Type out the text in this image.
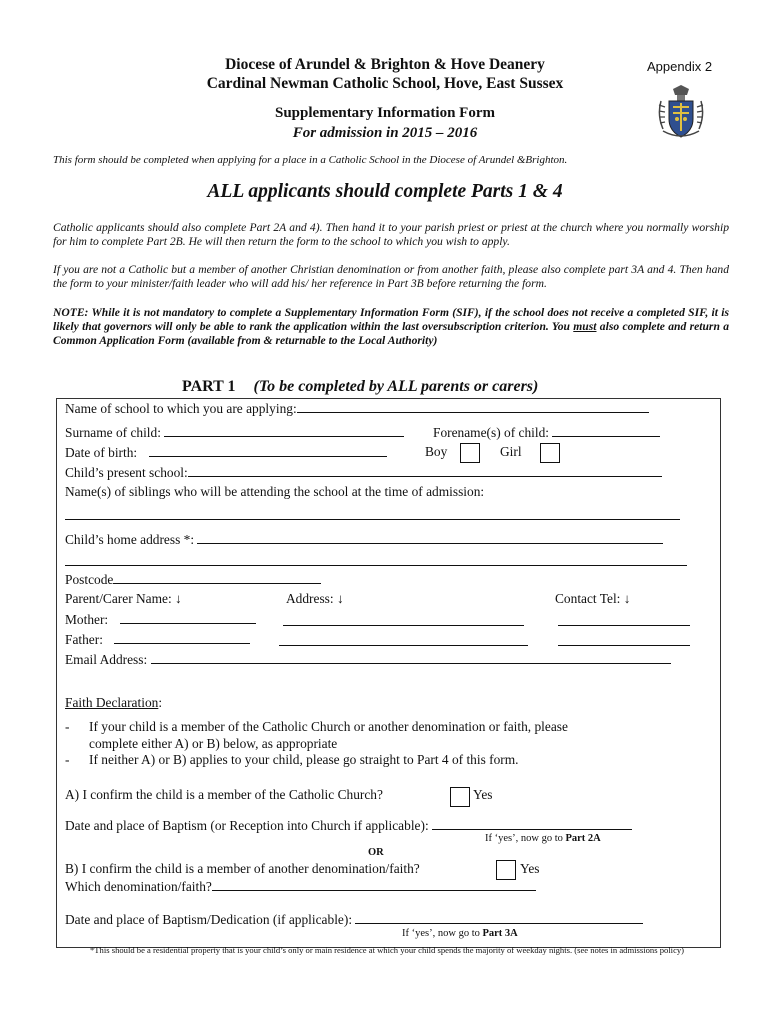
Diocese of Arundel & Brighton & Hove Deanery
Cardinal Newman Catholic School, Hove, East Sussex
Supplementary Information Form
For admission in 2015 – 2016
Appendix 2
This form should be completed when applying for a place in a Catholic School in the Diocese of Arundel &Brighton.
ALL applicants should complete Parts 1 & 4
Catholic applicants should also complete Part 2A and 4). Then hand it to your parish priest or priest at the church where you normally worship for him to complete Part 2B. He will then return the form to the school to which you wish to apply.
If you are not a Catholic but a member of another Christian denomination or from another faith, please also complete part 3A and 4. Then hand the form to your minister/faith leader who will add his/ her reference in Part 3B before returning the form.
NOTE: While it is not mandatory to complete a Supplementary Information Form (SIF), if the school does not receive a completed SIF, it is likely that governors will only be able to rank the application within the last oversubscription criterion. You must also complete and return a Common Application Form (available from & returnable to the Local Authority)
PART 1 (To be completed by ALL parents or carers)
Name of school to which you are applying:
Surname of child:	Forename(s) of child:
Date of birth:	Boy	Girl
Child’s present school:
Name(s) of siblings who will be attending the school at the time of admission:
Child’s home address *:
Postcode
Parent/Carer Name: ↓	Address: ↓	Contact Tel: ↓
Mother:
Father:
Email Address:
Faith Declaration:
- If your child is a member of the Catholic Church or another denomination or faith, please
complete either A) or B) below, as appropriate
- If neither A) or B) applies to your child, please go straight to Part 4 of this form.
A) I confirm the child is a member of the Catholic Church?	Yes
Date and place of Baptism (or Reception into Church if applicable):
If ‘yes’, now go to Part 2A
OR
B) I confirm the child is a member of another denomination/faith?	Yes
Which denomination/faith?
Date and place of Baptism/Dedication (if applicable):
If ‘yes’, now go to Part 3A
*This should be a residential property that is your child’s only or main residence at which your child spends the majority of weekday nights. (see notes in admissions policy)
